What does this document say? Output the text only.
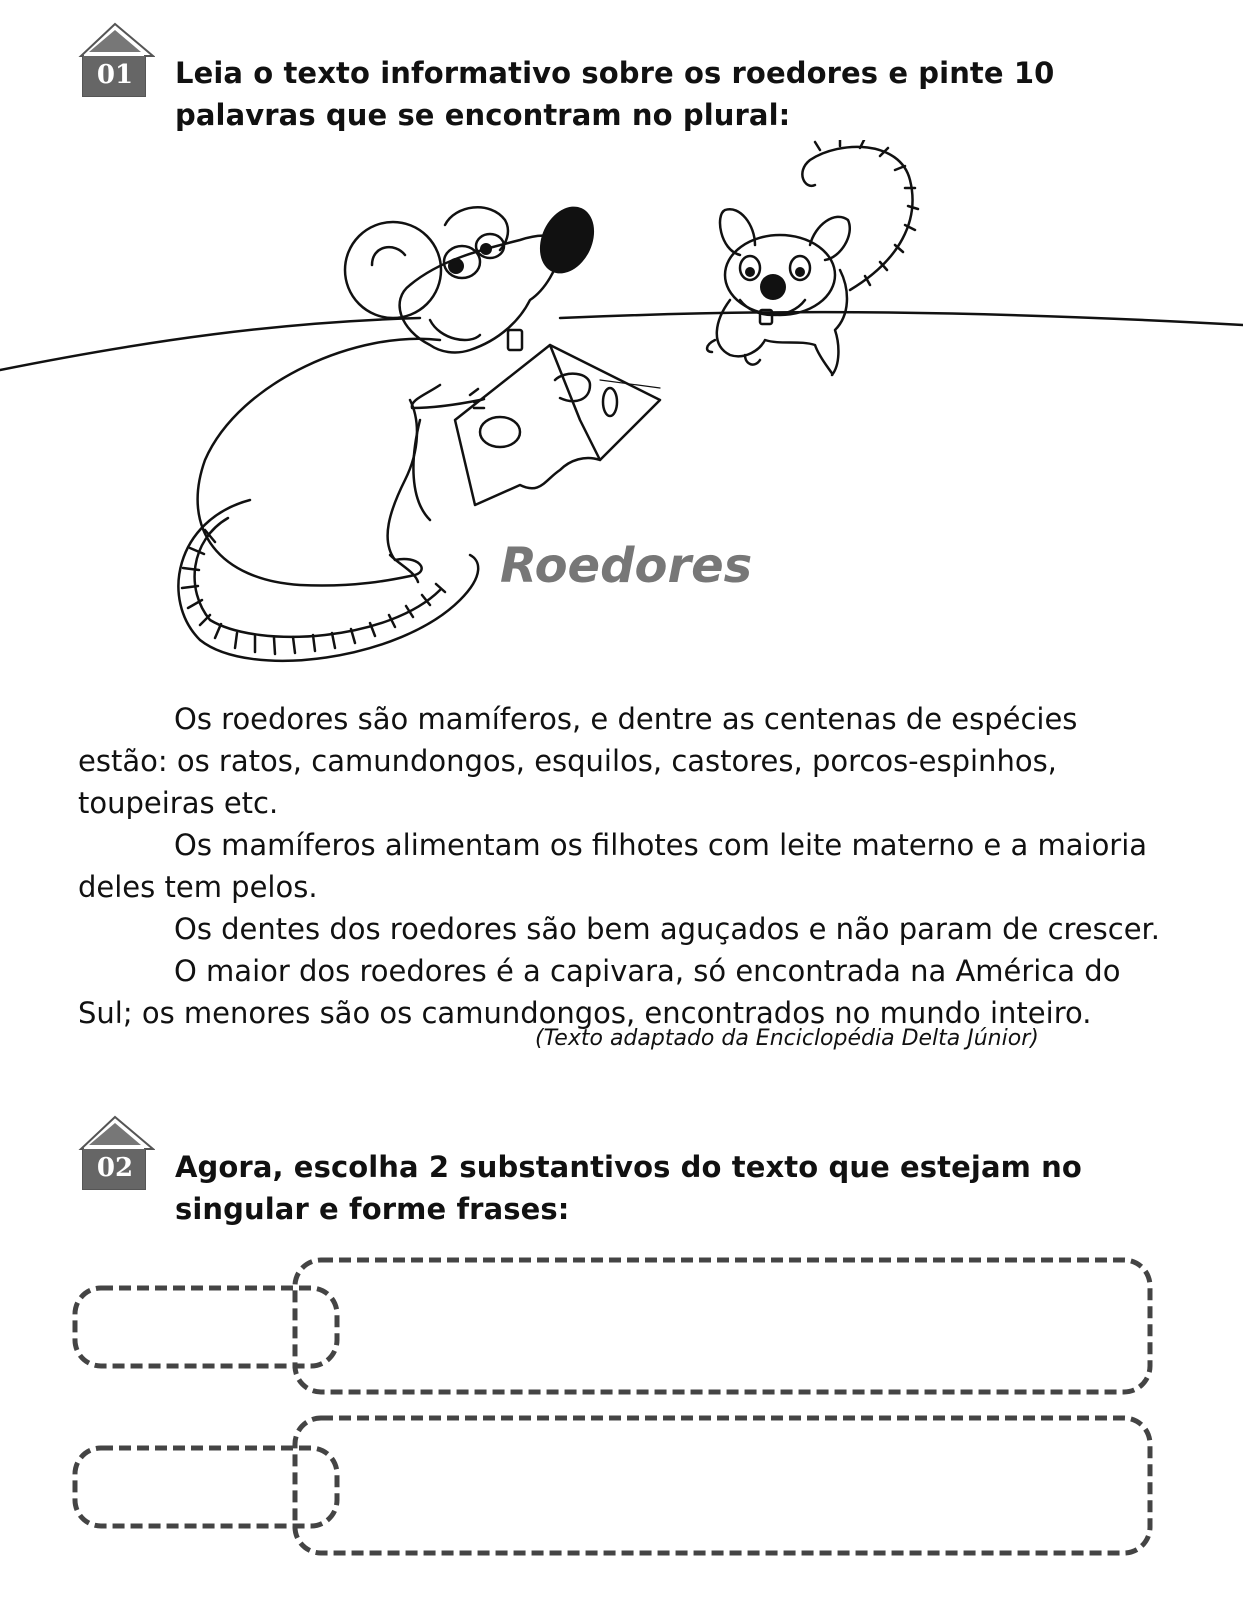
01	Leia o texto informativo sobre os roedores e pinte 10 palavras que se encontram no plural:
Roedores

Os roedores são mamíferos, e dentre as centenas de espécies estão: os ratos, camundongos, esquilos, castores, porcos-espinhos, toupeiras etc.

Os mamíferos alimentam os filhotes com leite materno e a maioria deles tem pelos.

Os dentes dos roedores são bem aguçados e não param de crescer.

O maior dos roedores é a capivara, só encontrada na América do Sul; os menores são os camundongos, encontrados no mundo inteiro.

(Texto adaptado da Enciclopédia Delta Júnior)
02	Agora, escolha 2 substantivos do texto que estejam no singular e forme frases:
